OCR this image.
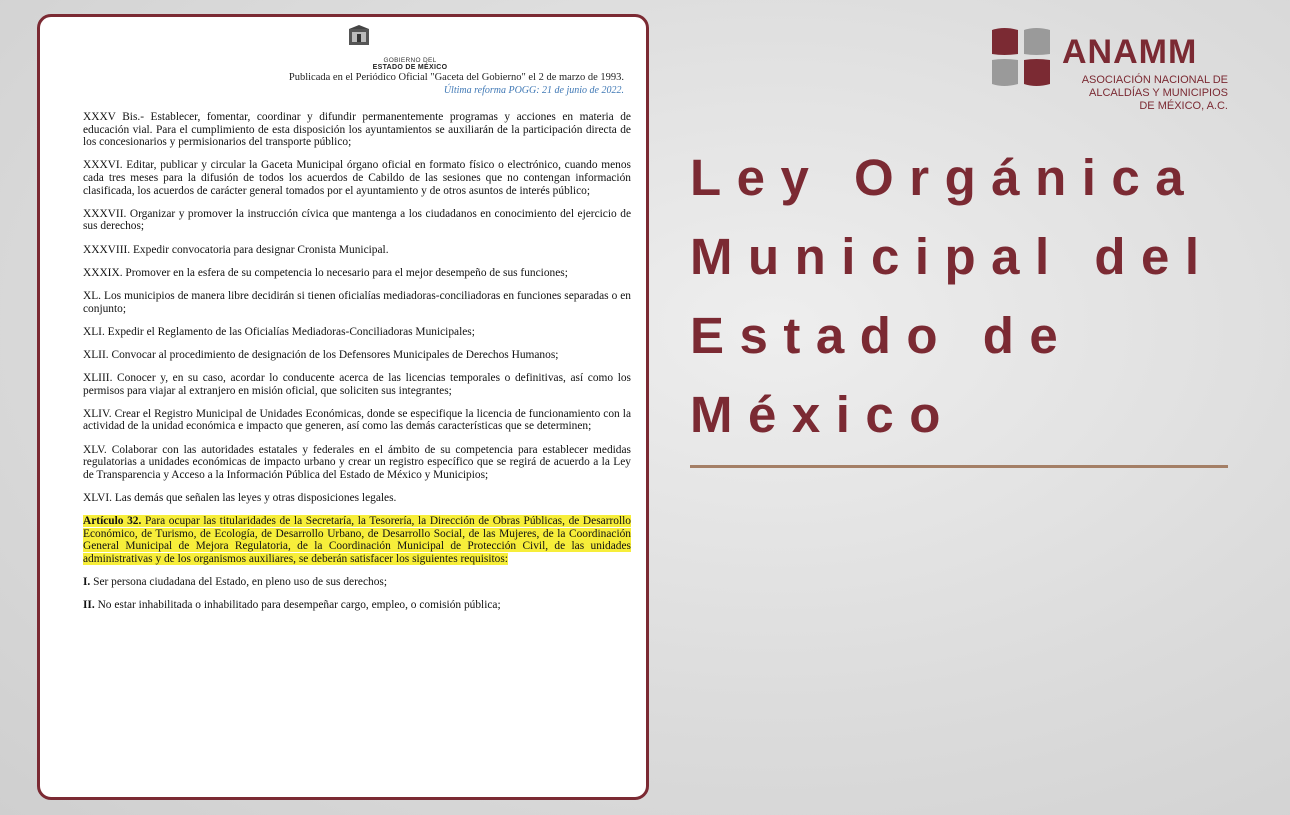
GOBIERNO DEL
ESTADO DE MÉXICO
Publicada en el Periódico Oficial "Gaceta del Gobierno" el 2 de marzo de 1993.
Última reforma POGG: 21 de junio de 2022.

XXXV Bis.- Establecer, fomentar, coordinar y difundir permanentemente programas y acciones en materia de educación vial. Para el cumplimiento de esta disposición los ayuntamientos se auxiliarán de la participación directa de los concesionarios y permisionarios del transporte público;

XXXVI. Editar, publicar y circular la Gaceta Municipal órgano oficial en formato físico o electrónico, cuando menos cada tres meses para la difusión de todos los acuerdos de Cabildo de las sesiones que no contengan información clasificada, los acuerdos de carácter general tomados por el ayuntamiento y de otros asuntos de interés público;

XXXVII. Organizar y promover la instrucción cívica que mantenga a los ciudadanos en conocimiento del ejercicio de sus derechos;

XXXVIII. Expedir convocatoria para designar Cronista Municipal.

XXXIX. Promover en la esfera de su competencia lo necesario para el mejor desempeño de sus funciones;

XL. Los municipios de manera libre decidirán si tienen oficialías mediadoras-conciliadoras en funciones separadas o en conjunto;

XLI. Expedir el Reglamento de las Oficialías Mediadoras-Conciliadoras Municipales;

XLII. Convocar al procedimiento de designación de los Defensores Municipales de Derechos Humanos;

XLIII. Conocer y, en su caso, acordar lo conducente acerca de las licencias temporales o definitivas, así como los permisos para viajar al extranjero en misión oficial, que soliciten sus integrantes;

XLIV. Crear el Registro Municipal de Unidades Económicas, donde se especifique la licencia de funcionamiento con la actividad de la unidad económica e impacto que generen, así como las demás características que se determinen;

XLV. Colaborar con las autoridades estatales y federales en el ámbito de su competencia para establecer medidas regulatorias a unidades económicas de impacto urbano y crear un registro específico que se regirá de acuerdo a la Ley de Transparencia y Acceso a la Información Pública del Estado de México y Municipios;

XLVI. Las demás que señalen las leyes y otras disposiciones legales.

Artículo 32. Para ocupar las titularidades de la Secretaría, la Tesorería, la Dirección de Obras Públicas, de Desarrollo Económico, de Turismo, de Ecología, de Desarrollo Urbano, de Desarrollo Social, de las Mujeres, de la Coordinación General Municipal de Mejora Regulatoria, de la Coordinación Municipal de Protección Civil, de las unidades administrativas y de los organismos auxiliares, se deberán satisfacer los siguientes requisitos:

I. Ser persona ciudadana del Estado, en pleno uso de sus derechos;

II. No estar inhabilitada o inhabilitado para desempeñar cargo, empleo, o comisión pública;

ANAMM
ASOCIACIÓN NACIONAL DE
ALCALDÍAS Y MUNICIPIOS
DE MÉXICO, A.C.
Ley Orgánica
Municipal del
Estado de
México
